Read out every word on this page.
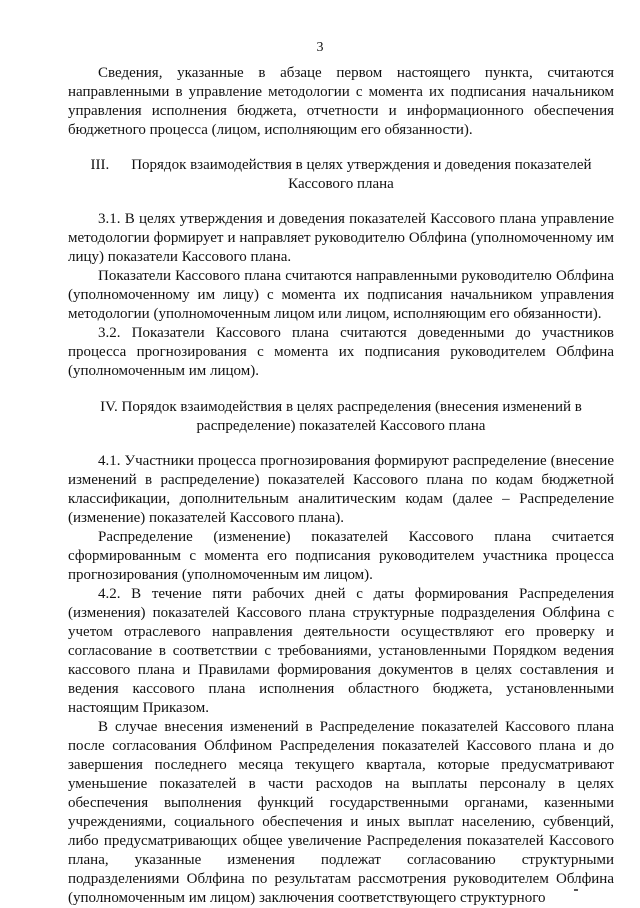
3

Сведения, указанные в абзаце первом настоящего пункта, считаются направленными в управление методологии с момента их подписания начальником управления исполнения бюджета, отчетности и информационного обеспечения бюджетного процесса (лицом, исполняющим его обязанности).

III. Порядок взаимодействия в целях утверждения и доведения показателей Кассового плана

3.1. В целях утверждения и доведения показателей Кассового плана управление методологии формирует и направляет руководителю Облфина (уполномоченному им лицу) показатели Кассового плана.

Показатели Кассового плана считаются направленными руководителю Облфина (уполномоченному им лицу) с момента их подписания начальником управления методологии (уполномоченным лицом или лицом, исполняющим его обязанности).

3.2. Показатели Кассового плана считаются доведенными до участников процесса прогнозирования с момента их подписания руководителем Облфина (уполномоченным им лицом).

IV. Порядок взаимодействия в целях распределения (внесения изменений в распределение) показателей Кассового плана

4.1. Участники процесса прогнозирования формируют распределение (внесение изменений в распределение) показателей Кассового плана по кодам бюджетной классификации, дополнительным аналитическим кодам (далее – Распределение (изменение) показателей Кассового плана).

Распределение (изменение) показателей Кассового плана считается сформированным с момента его подписания руководителем участника процесса прогнозирования (уполномоченным им лицом).

4.2. В течение пяти рабочих дней с даты формирования Распределения (изменения) показателей Кассового плана структурные подразделения Облфина с учетом отраслевого направления деятельности осуществляют его проверку и согласование в соответствии с требованиями, установленными Порядком ведения кассового плана и Правилами формирования документов в целях составления и ведения кассового плана исполнения областного бюджета, установленными настоящим Приказом.

В случае внесения изменений в Распределение показателей Кассового плана после согласования Облфином Распределения показателей Кассового плана и до завершения последнего месяца текущего квартала, которые предусматривают уменьшение показателей в части расходов на выплаты персоналу в целях обеспечения выполнения функций государственными органами, казенными учреждениями, социального обеспечения и иных выплат населению, субвенций, либо предусматривающих общее увеличение Распределения показателей Кассового плана, указанные изменения подлежат согласованию структурными подразделениями Облфина по результатам рассмотрения руководителем Облфина (уполномоченным им лицом) заключения соответствующего структурного
